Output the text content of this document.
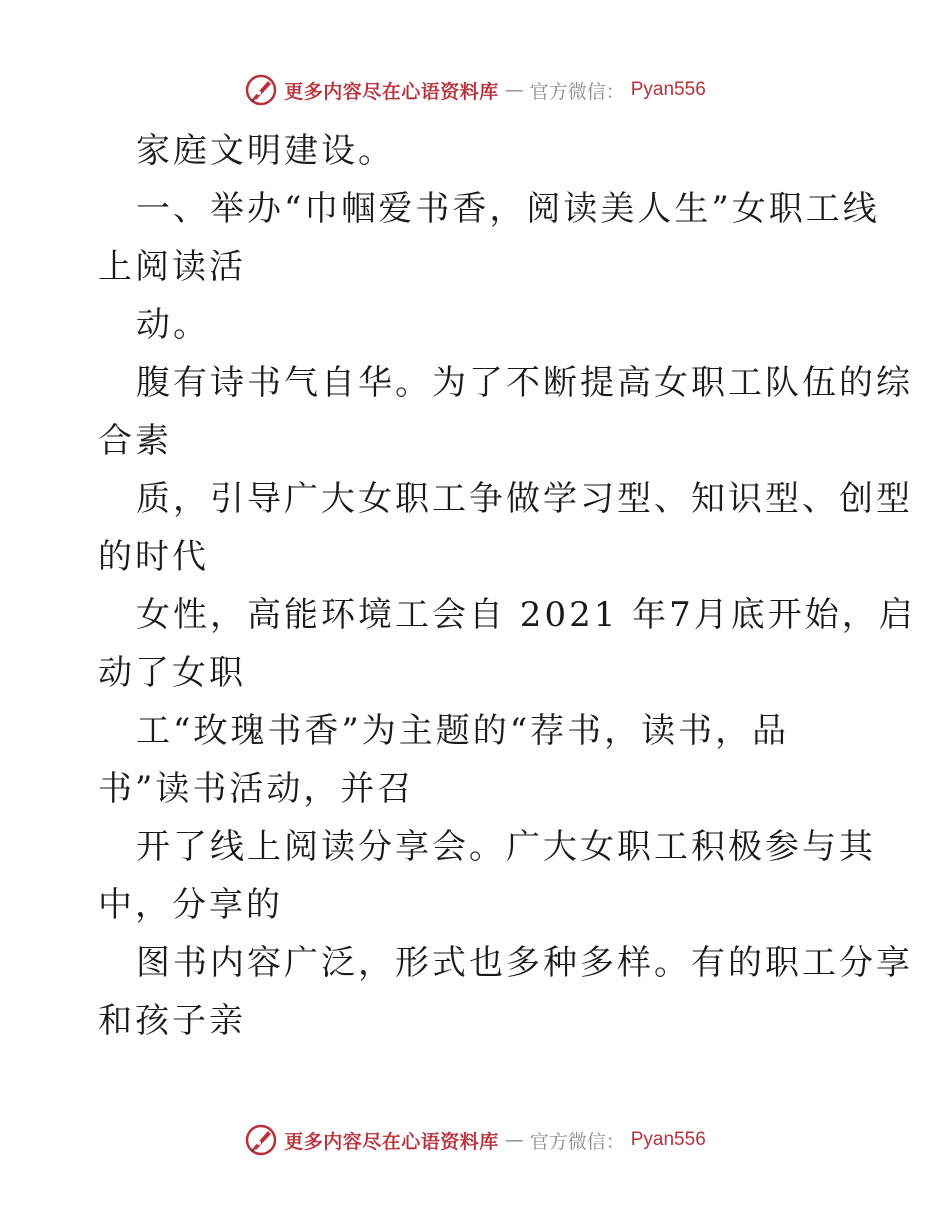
更多内容尽在心语资料库 — 官方微信： Pyan556
家庭文明建设。
一、举办“巾帼爱书香，阅读美人生”女职工线
上阅读活
动。
腹有诗书气自华。为了不断提高女职工队伍的综
合素
质，引导广大女职工争做学习型、知识型、创型
的时代
女性，高能环境工会自 2021 年7月底开始，启
动了女职
工“玫瑰书香”为主题的“荐书，读书，品
书”读书活动，并召
开了线上阅读分享会。广大女职工积极参与其
中，分享的
图书内容广泛，形式也多种多样。有的职工分享
和孩子亲
更多内容尽在心语资料库 — 官方微信： Pyan556
